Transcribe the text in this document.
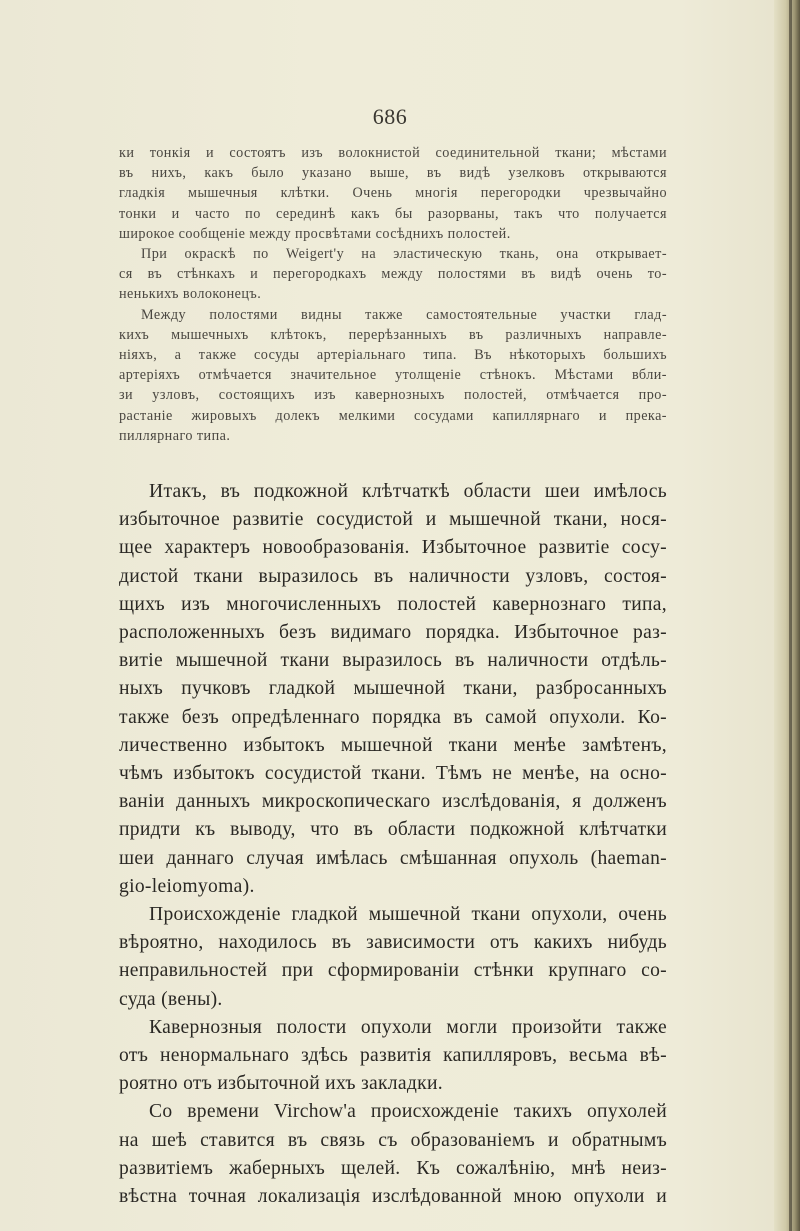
686
ки тонкія и состоятъ изъ волокнистой соединительной ткани; мѣстами
въ нихъ, какъ было указано выше, въ видѣ узелковъ открываются
гладкія мышечныя клѣтки. Очень многія перегородки чрезвычайно
тонки и часто по серединѣ какъ бы разорваны, такъ что получается
широкое сообщеніе между просвѣтами сосѣднихъ полостей.
При окраскѣ по Weigert'у на эластическую ткань, она открывает-
ся въ стѣнкахъ и перегородкахъ между полостями въ видѣ очень то-
ненькихъ волоконецъ.
Между полостями видны также самостоятельные участки глад-
кихъ мышечныхъ клѣтокъ, перерѣзанныхъ въ различныхъ направле-
ніяхъ, а также сосуды артеріальнаго типа. Въ нѣкоторыхъ большихъ
артеріяхъ отмѣчается значительное утолщеніе стѣнокъ. Мѣстами вбли-
зи узловъ, состоящихъ изъ кавернозныхъ полостей, отмѣчается про-
растаніе жировыхъ долекъ мелкими сосудами капиллярнаго и прека-
пиллярнаго типа.
Итакъ, въ подкожной клѣтчаткѣ области шеи имѣлось
избыточное развитіе сосудистой и мышечной ткани, нося-
щее характеръ новообразованія. Избыточное развитіе сосу-
дистой ткани выразилось въ наличности узловъ, состоя-
щихъ изъ многочисленныхъ полостей кавернознаго типа,
расположенныхъ безъ видимаго порядка. Избыточное раз-
витіе мышечной ткани выразилось въ наличности отдѣль-
ныхъ пучковъ гладкой мышечной ткани, разбросанныхъ
также безъ опредѣленнаго порядка въ самой опухоли. Ко-
личественно избытокъ мышечной ткани менѣе замѣтенъ,
чѣмъ избытокъ сосудистой ткани. Тѣмъ не менѣе, на осно-
ваніи данныхъ микроскопическаго изслѣдованія, я долженъ
придти къ выводу, что въ области подкожной клѣтчатки
шеи даннаго случая имѣлась смѣшанная опухоль (haeman-
gio-leiomyoma).
Происхожденіе гладкой мышечной ткани опухоли, очень
вѣроятно, находилось въ зависимости отъ какихъ нибудь
неправильностей при сформированіи стѣнки крупнаго со-
суда (вены).
Кавернозныя полости опухоли могли произойти также
отъ ненормальнаго здѣсь развитія капилляровъ, весьма вѣ-
роятно отъ избыточной ихъ закладки.
Со времени Virchow'а происхожденіе такихъ опухолей
на шеѣ ставится въ связь съ образованіемъ и обратнымъ
развитіемъ жаберныхъ щелей. Къ сожалѣнію, мнѣ неиз-
вѣстна точная локализація изслѣдованной мною опухоли и
